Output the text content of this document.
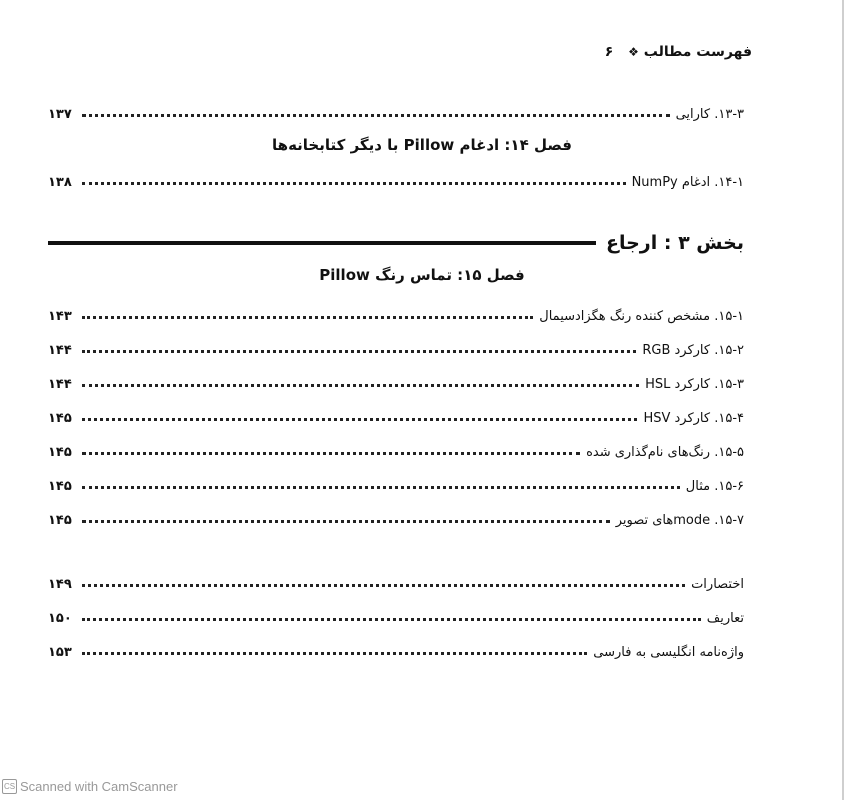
فهرست مطالب ❖ ۶
۱۳-۳. کارایی
۱۳۷
فصل ۱۴: ادغام Pillow با دیگر کتابخانه‌ها
۱۴-۱. ادغام NumPy
۱۳۸
بخش ۳ : ارجاع
فصل ۱۵: تماس رنگ Pillow
۱۵-۱. مشخص کننده رنگ هگزادسیمال
۱۴۳
۱۵-۲. کارکرد RGB
۱۴۴
۱۵-۳. کارکرد HSL
۱۴۴
۱۵-۴. کارکرد HSV
۱۴۵
۱۵-۵. رنگ‌های نام‌گذاری شده
۱۴۵
۱۵-۶. مثال
۱۴۵
۱۵-۷. modeهای تصویر
۱۴۵
اختصارات
۱۴۹
تعاریف
۱۵۰
واژه‌نامه انگلیسی به فارسی
۱۵۳
CS Scanned with CamScanner
